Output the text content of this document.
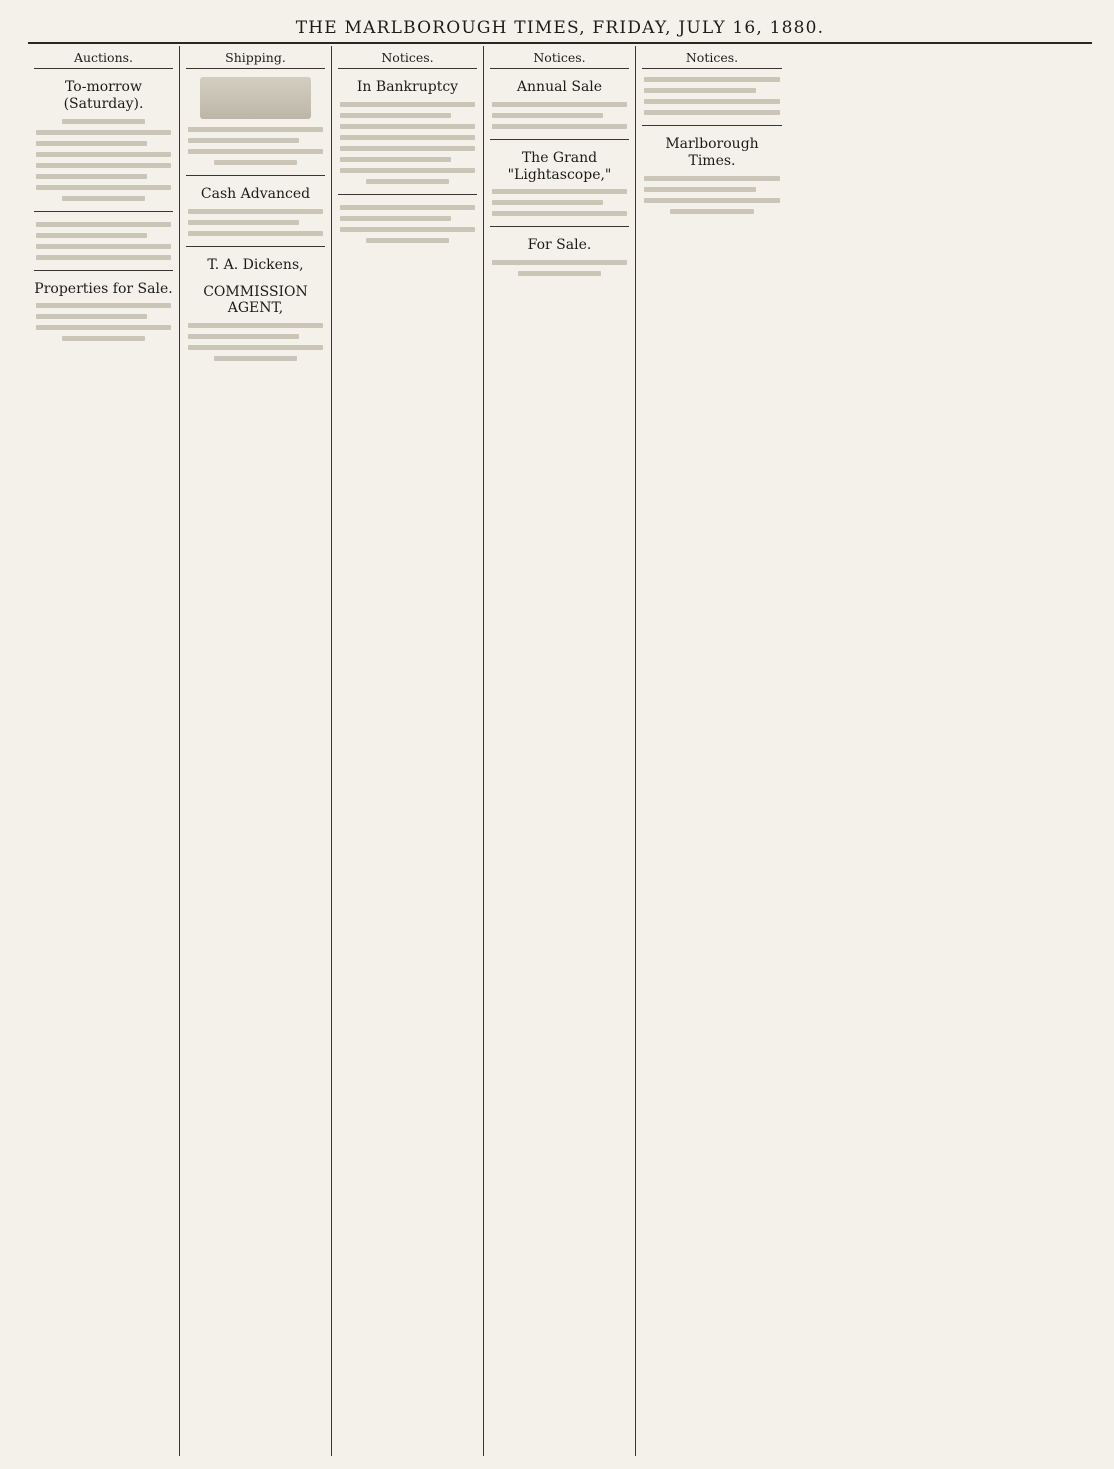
THE MARLBOROUGH TIMES, FRIDAY, JULY 16, 1880.
Auctions.
To-morrow (Saturday).
Properties for Sale.
Shipping.
Cash Advanced
T. A. Dickens,
COMMISSION AGENT,
Notices.
In Bankruptcy
Notices.
Annual Sale
The Grand "Lightascope,"
For Sale.
Notices.
Marlborough Times.
